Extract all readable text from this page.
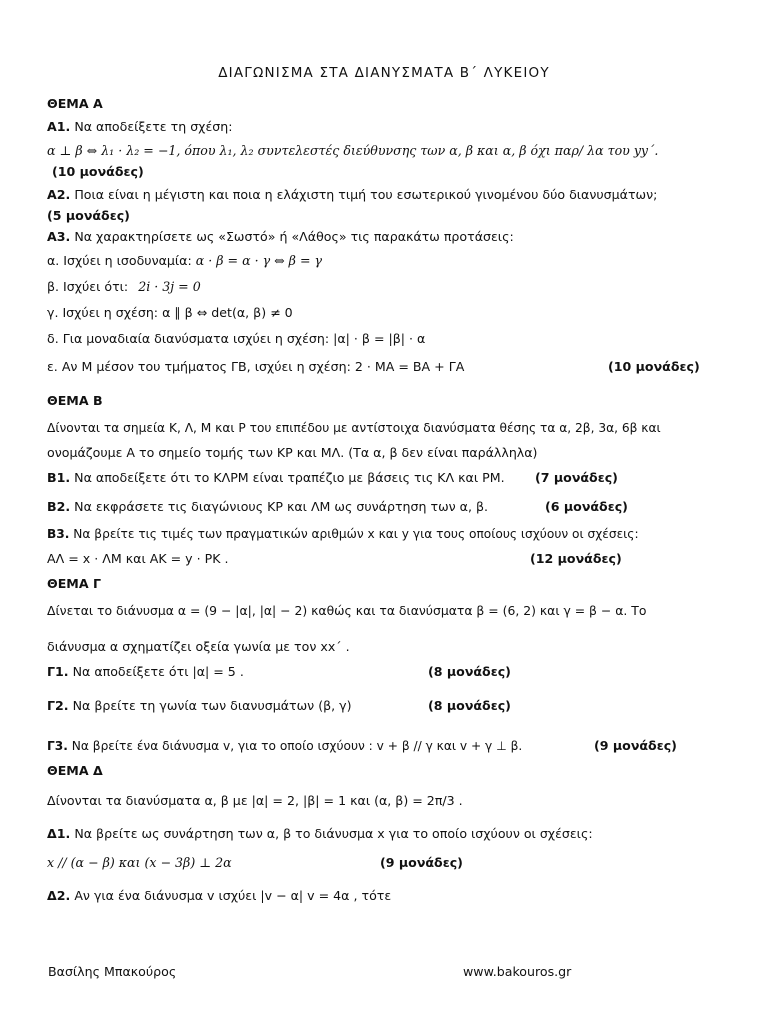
ΔΙΑΓΩΝΙΣΜΑ ΣΤΑ ΔΙΑΝΥΣΜΑΤΑ Β΄ ΛΥΚΕΙΟΥ
ΘΕΜΑ Α
Α1. Να αποδείξετε τη σχέση:
α ⊥ β ⇔ λ₁ · λ₂ = −1, όπου λ₁, λ₂ συντελεστές διεύθυνσης των α, β και α, β όχι παρ/ λα του yy΄.
(10 μονάδες)
Α2. Ποια είναι η μέγιστη και ποια η ελάχιστη τιμή του εσωτερικού γινομένου δύο διανυσμάτων;
(5 μονάδες)
Α3. Να χαρακτηρίσετε ως «Σωστό» ή «Λάθος» τις παρακάτω προτάσεις:
α. Ισχύει η ισοδυναμία: α · β = α · γ ⇔ β = γ
β. Ισχύει ότι: 2i · 3j = 0
γ. Ισχύει η σχέση: α ∥ β ⇔ det(α, β) ≠ 0
δ. Για μοναδιαία διανύσματα ισχύει η σχέση: |α| · β = |β| · α
ε. Αν Μ μέσον του τμήματος ΓΒ, ισχύει η σχέση: 2 · ΜΑ = ΒΑ + ΓΑ	(10 μονάδες)
ΘΕΜΑ Β
Δίνονται τα σημεία Κ, Λ, Μ και Ρ του επιπέδου με αντίστοιχα διανύσματα θέσης τα α, 2β, 3α, 6β και
ονομάζουμε Α το σημείο τομής των ΚΡ και ΜΛ. (Τα α, β δεν είναι παράλληλα)
Β1. Να αποδείξετε ότι το ΚΛΡΜ είναι τραπέζιο με βάσεις τις ΚΛ και ΡΜ. (7 μονάδες)
Β2. Να εκφράσετε τις διαγώνιους ΚΡ και ΛΜ ως συνάρτηση των α, β.	(6 μονάδες)
Β3. Να βρείτε τις τιμές των πραγματικών αριθμών x και y για τους οποίους ισχύουν οι σχέσεις:
ΑΛ = x · ΛΜ και ΑΚ = y · ΡΚ .	(12 μονάδες)
ΘΕΜΑ Γ
Δίνεται το διάνυσμα α = (9 − |α|, |α| − 2) καθώς και τα διανύσματα β = (6, 2) και γ = β − α. Το
διάνυσμα α σχηματίζει οξεία γωνία με τον xx΄ .
Γ1. Να αποδείξετε ότι |α| = 5 .	(8 μονάδες)
Γ2. Να βρείτε τη γωνία των διανυσμάτων (β, γ)	(8 μονάδες)
Γ3. Να βρείτε ένα διάνυσμα v, για το οποίο ισχύουν : v + β // γ και v + γ ⊥ β.	(9 μονάδες)
ΘΕΜΑ Δ
Δίνονται τα διανύσματα α, β με |α| = 2, |β| = 1 και (α, β) = 2π/3 .
Δ1. Να βρείτε ως συνάρτηση των α, β το διάνυσμα x για το οποίο ισχύουν οι σχέσεις:
x // (α − β) και (x − 3β) ⊥ 2α	(9 μονάδες)
Δ2. Αν για ένα διάνυσμα v ισχύει |v − α| v = 4α , τότε
Βασίλης Μπακούρος	www.bakouros.gr
